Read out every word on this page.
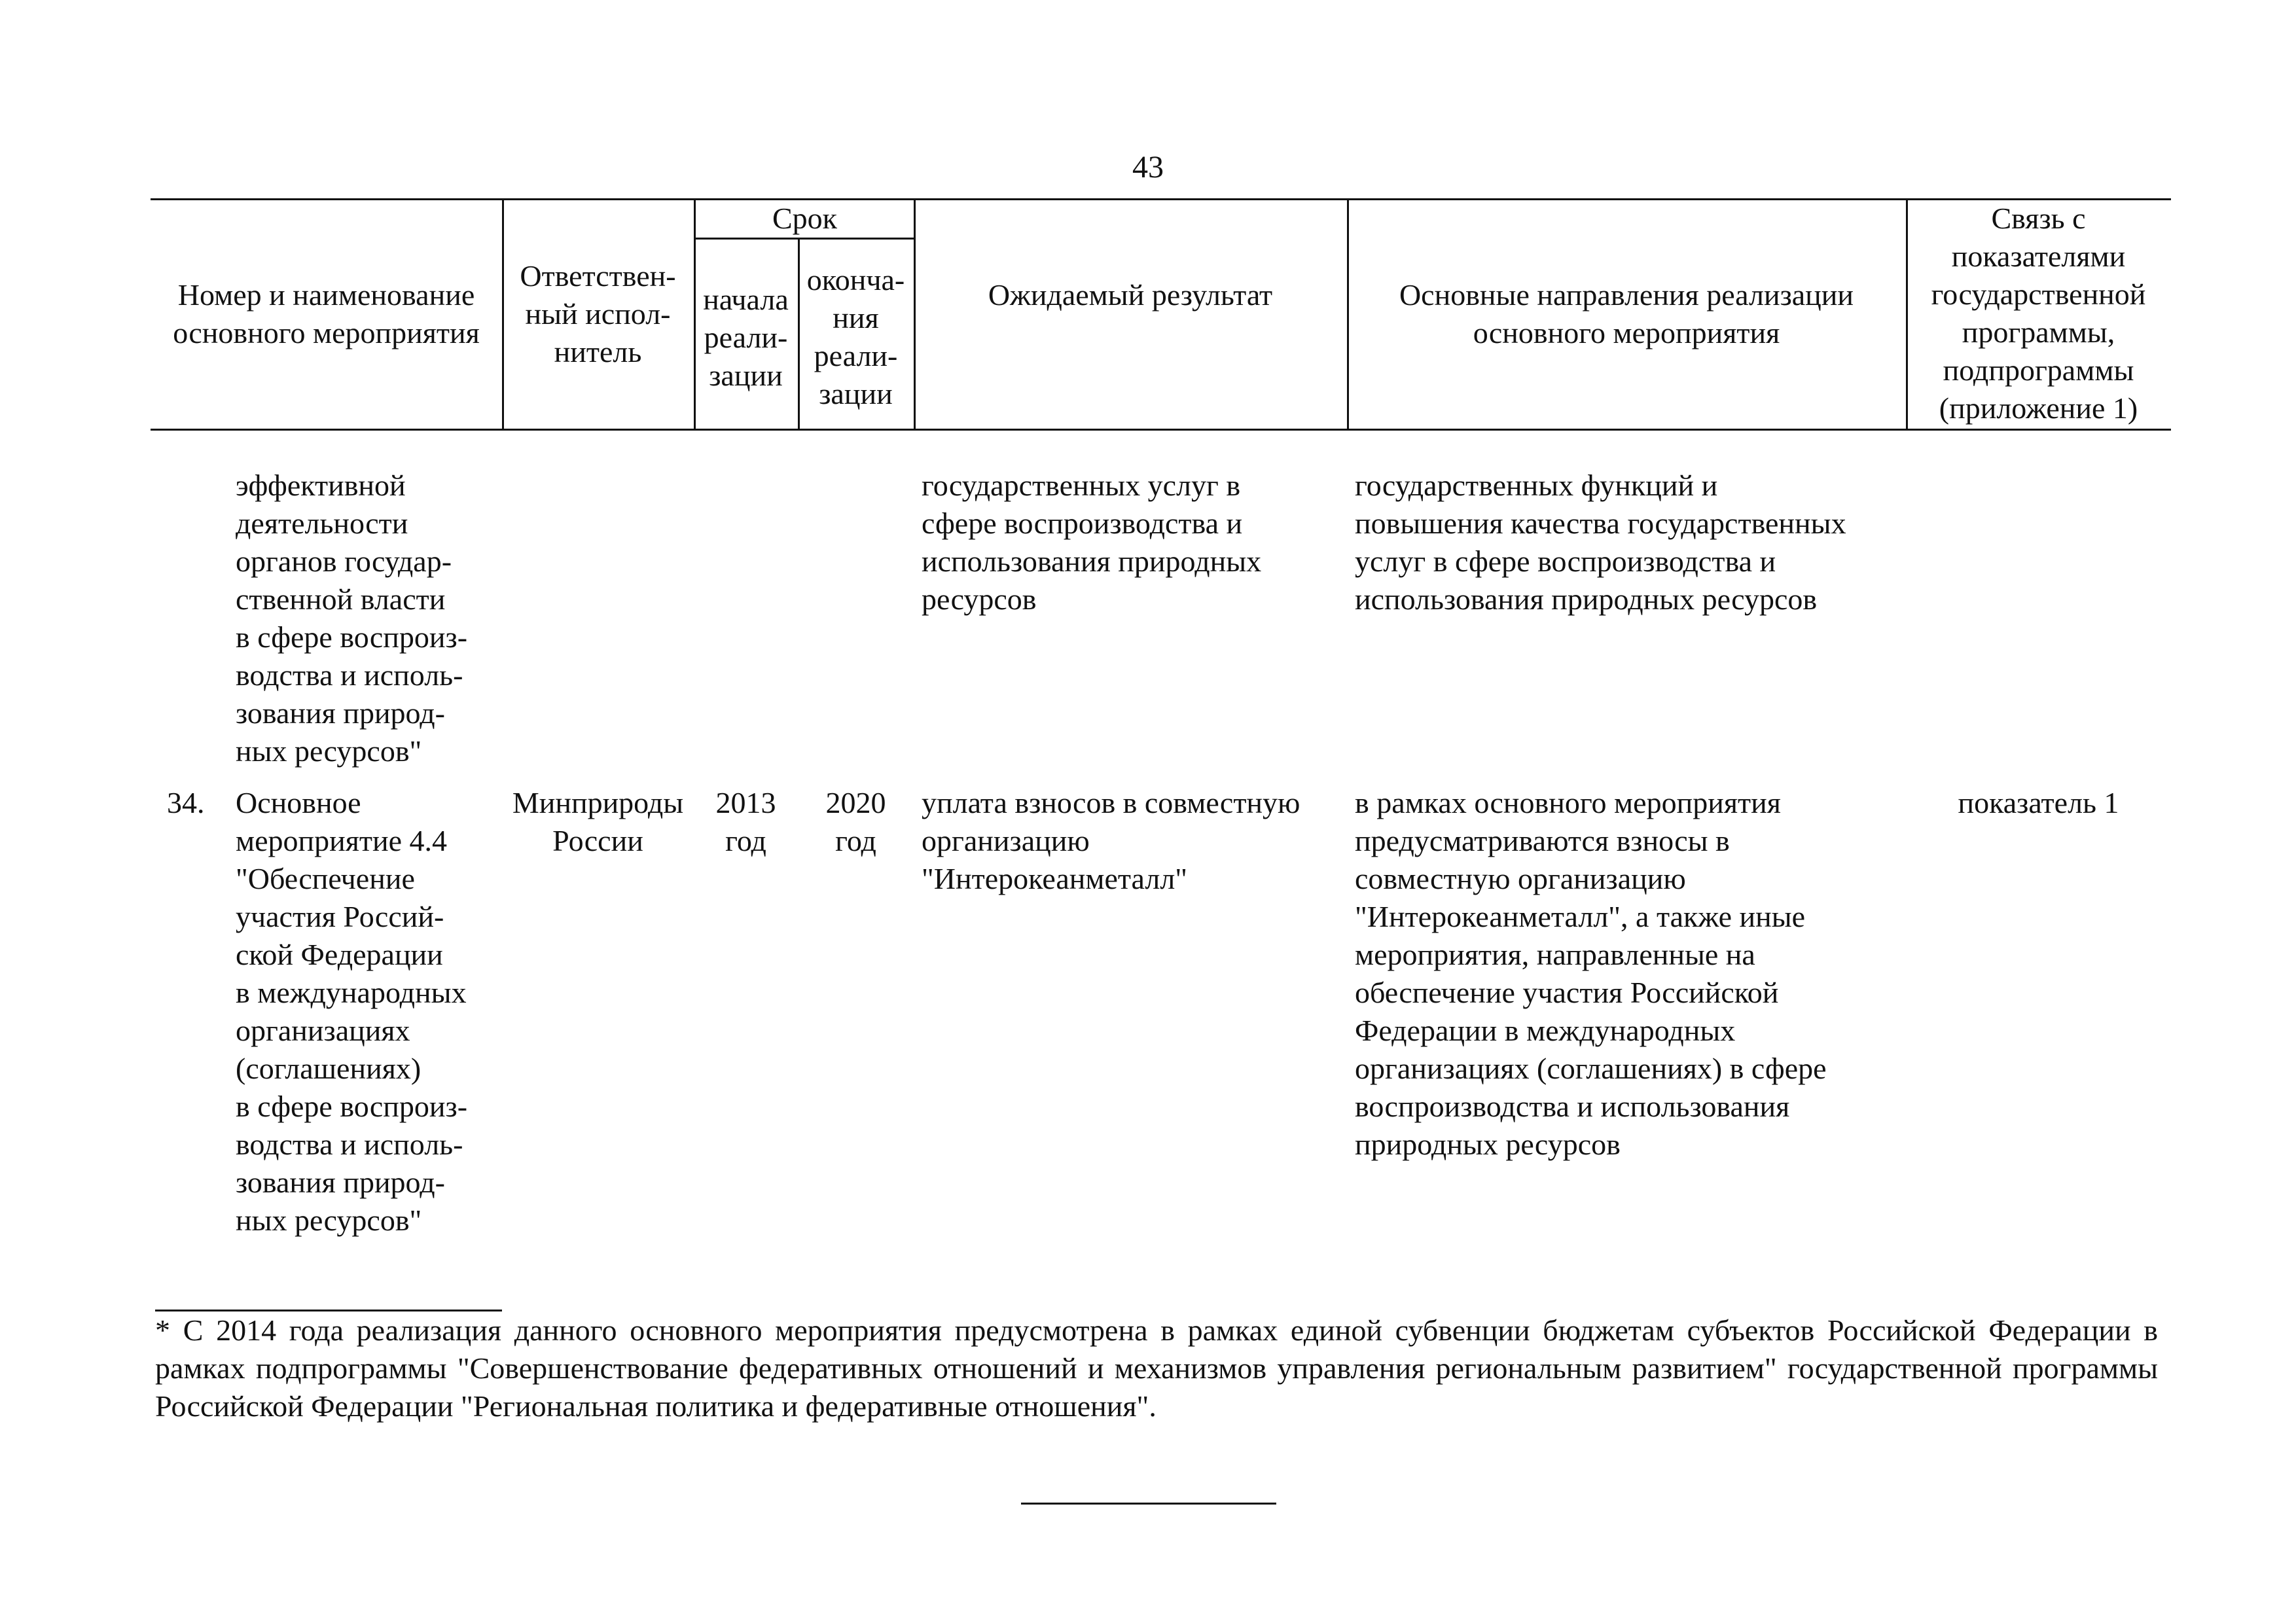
43
Номер и наименование
основного мероприятия
Ответствен-
ный испол-
нитель
Срок
начала
реали-
зации
оконча-
ния
реали-
зации
Ожидаемый результат	Основные направления реализации
основного мероприятия
Связь с
показателями
государственной
программы,
подпрограммы
(приложение 1)
эффективной
деятельности
органов государ-
ственной власти
в сфере воспроиз-
водства и исполь-
зования природ-
ных ресурсов"
государственных услуг в
сфере воспроизводства и
использования природных
ресурсов
государственных функций и
повышения качества государственных
услуг в сфере воспроизводства и
использования природных ресурсов
34.	Основное
мероприятие 4.4
"Обеспечение
участия Россий-
ской Федерации
в международных
организациях
(соглашениях)
в сфере воспроиз-
водства и исполь-
зования природ-
ных ресурсов"
Минприроды
России
2013
год
2020
год
уплата взносов в совместную
организацию
"Интерокеанметалл"
в рамках основного мероприятия
предусматриваются взносы в
совместную организацию
"Интерокеанметалл", а также иные
мероприятия, направленные на
обеспечение участия Российской
Федерации в международных
организациях (соглашениях) в сфере
воспроизводства и использования
природных ресурсов
показатель 1
* С 2014 года реализация данного основного мероприятия предусмотрена в рамках единой субвенции бюджетам субъектов Российской Федерации в рамках подпрограммы "Совершенствование федеративных отношений и механизмов управления региональным развитием" государственной программы Российской Федерации "Региональная политика и федеративные отношения".
